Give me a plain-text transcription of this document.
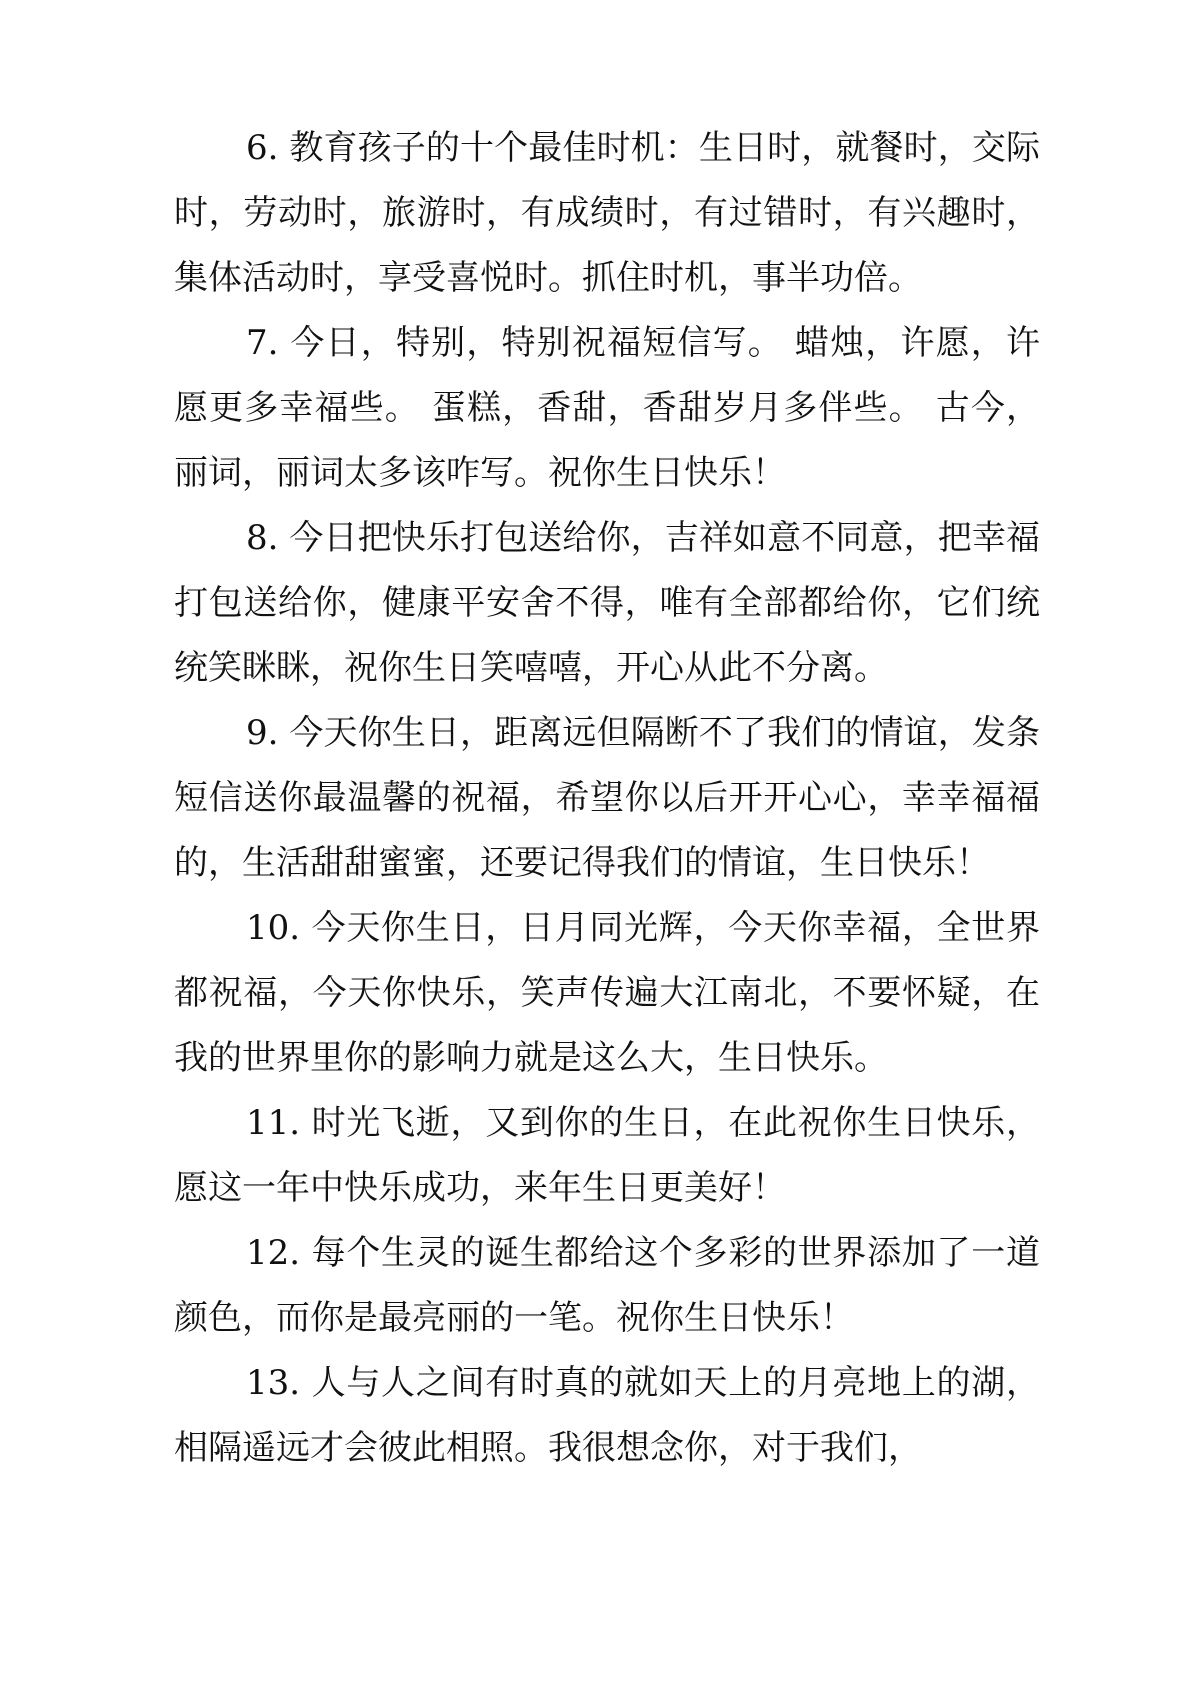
6. 教育孩子的十个最佳时机：生日时，就餐时，交际时，劳动时，旅游时，有成绩时，有过错时，有兴趣时，集体活动时，享受喜悦时。抓住时机，事半功倍。

7. 今日，特别，特别祝福短信写。 蜡烛，许愿，许愿更多幸福些。 蛋糕，香甜，香甜岁月多伴些。 古今，丽词，丽词太多该咋写。祝你生日快乐！

8. 今日把快乐打包送给你，吉祥如意不同意，把幸福打包送给你，健康平安舍不得，唯有全部都给你，它们统统笑眯眯，祝你生日笑嘻嘻，开心从此不分离。

9. 今天你生日，距离远但隔断不了我们的情谊，发条短信送你最温馨的祝福，希望你以后开开心心，幸幸福福的，生活甜甜蜜蜜，还要记得我们的情谊，生日快乐！

10. 今天你生日，日月同光辉，今天你幸福，全世界都祝福，今天你快乐，笑声传遍大江南北，不要怀疑，在我的世界里你的影响力就是这么大，生日快乐。

11. 时光飞逝，又到你的生日，在此祝你生日快乐，愿这一年中快乐成功，来年生日更美好！

12. 每个生灵的诞生都给这个多彩的世界添加了一道颜色，而你是最亮丽的一笔。祝你生日快乐！

13. 人与人之间有时真的就如天上的月亮地上的湖，相隔遥远才会彼此相照。我很想念你，对于我们，
